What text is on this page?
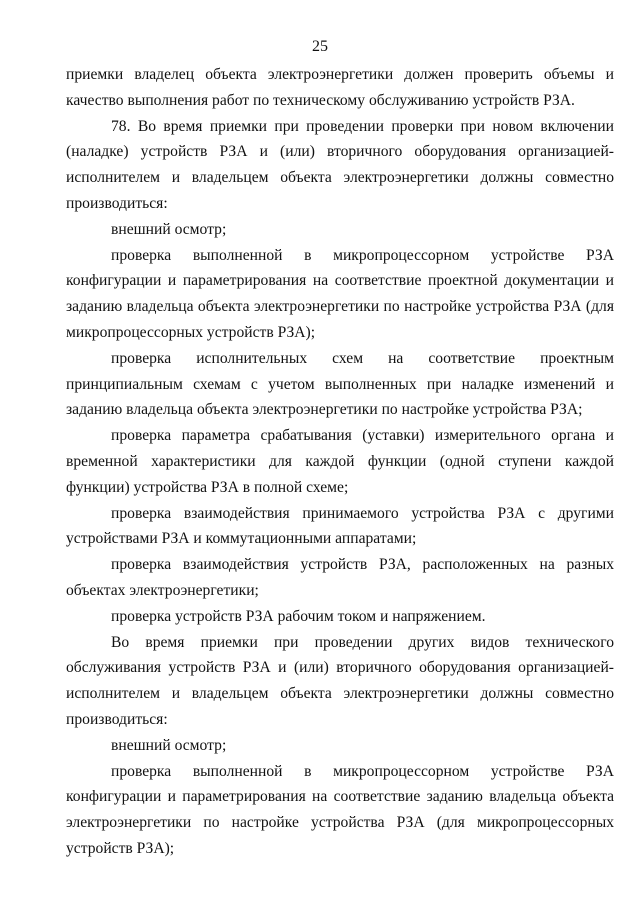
25

приемки владелец объекта электроэнергетики должен проверить объемы и качество выполнения работ по техническому обслуживанию устройств РЗА.

78. Во время приемки при проведении проверки при новом включении (наладке) устройств РЗА и (или) вторичного оборудования организацией-исполнителем и владельцем объекта электроэнергетики должны совместно производиться:

внешний осмотр;

проверка выполненной в микропроцессорном устройстве РЗА конфигурации и параметрирования на соответствие проектной документации и заданию владельца объекта электроэнергетики по настройке устройства РЗА (для микропроцессорных устройств РЗА);

проверка исполнительных схем на соответствие проектным принципиальным схемам с учетом выполненных при наладке изменений и заданию владельца объекта электроэнергетики по настройке устройства РЗА;

проверка параметра срабатывания (уставки) измерительного органа и временной характеристики для каждой функции (одной ступени каждой функции) устройства РЗА в полной схеме;

проверка взаимодействия принимаемого устройства РЗА с другими устройствами РЗА и коммутационными аппаратами;

проверка взаимодействия устройств РЗА, расположенных на разных объектах электроэнергетики;

проверка устройств РЗА рабочим током и напряжением.

Во время приемки при проведении других видов технического обслуживания устройств РЗА и (или) вторичного оборудования организацией-исполнителем и владельцем объекта электроэнергетики должны совместно производиться:

внешний осмотр;

проверка выполненной в микропроцессорном устройстве РЗА конфигурации и параметрирования на соответствие заданию владельца объекта электроэнергетики по настройке устройства РЗА (для микропроцессорных устройств РЗА);
